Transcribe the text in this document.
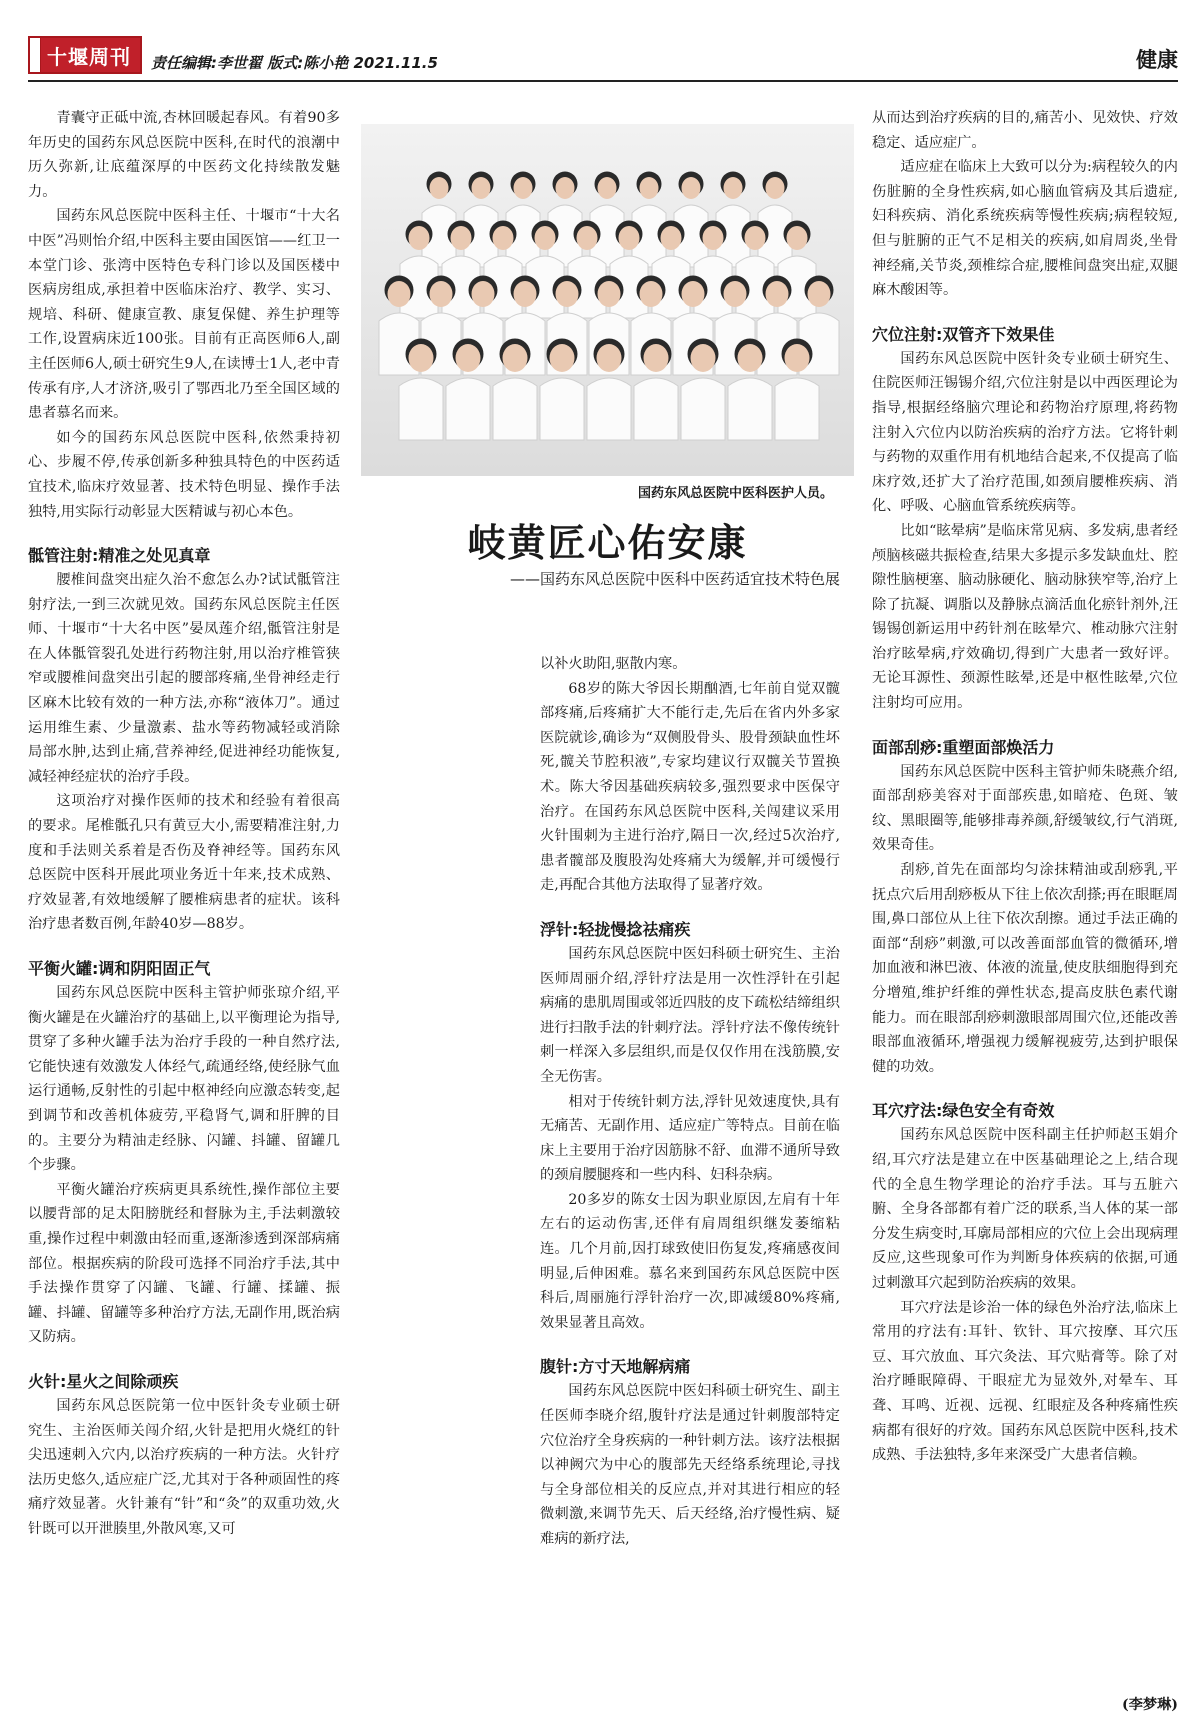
十堰周刊 责任编辑:李世翟 版式:陈小艳 2021.11.5	健康

青囊守正砥中流,杏林回暖起春风。有着90多年历史的国药东风总医院中医科,在时代的浪潮中历久弥新,让底蕴深厚的中医药文化持续散发魅力。

国药东风总医院中医科主任、十堰市“十大名中医”冯则怡介绍,中医科主要由国医馆——红卫一本堂门诊、张湾中医特色专科门诊以及国医楼中医病房组成,承担着中医临床治疗、教学、实习、规培、科研、健康宣教、康复保健、养生护理等工作,设置病床近100张。目前有正高医师6人,副主任医师6人,硕士研究生9人,在读博士1人,老中青传承有序,人才济济,吸引了鄂西北乃至全国区域的患者慕名而来。

如今的国药东风总医院中医科,依然秉持初心、步履不停,传承创新多种独具特色的中医药适宜技术,临床疗效显著、技术特色明显、操作手法独特,用实际行动彰显大医精诚与初心本色。

骶管注射:精准之处见真章

腰椎间盘突出症久治不愈怎么办?试试骶管注射疗法,一到三次就见效。国药东风总医院主任医师、十堰市“十大名中医”晏凤莲介绍,骶管注射是在人体骶管裂孔处进行药物注射,用以治疗椎管狭窄或腰椎间盘突出引起的腰部疼痛,坐骨神经走行区麻木比较有效的一种方法,亦称“液体刀”。通过运用维生素、少量激素、盐水等药物减轻或消除局部水肿,达到止痛,营养神经,促进神经功能恢复,减轻神经症状的治疗手段。

这项治疗对操作医师的技术和经验有着很高的要求。尾椎骶孔只有黄豆大小,需要精准注射,力度和手法则关系着是否伤及脊神经等。国药东风总医院中医科开展此项业务近十年来,技术成熟、疗效显著,有效地缓解了腰椎病患者的症状。该科治疗患者数百例,年龄40岁—88岁。

平衡火罐:调和阴阳固正气

国药东风总医院中医科主管护师张琼介绍,平衡火罐是在火罐治疗的基础上,以平衡理论为指导,贯穿了多种火罐手法为治疗手段的一种自然疗法,它能快速有效激发人体经气,疏通经络,使经脉气血运行通畅,反射性的引起中枢神经向应激态转变,起到调节和改善机体疲劳,平稳肾气,调和肝脾的目的。主要分为精油走经脉、闪罐、抖罐、留罐几个步骤。

平衡火罐治疗疾病更具系统性,操作部位主要以腰背部的足太阳膀胱经和督脉为主,手法刺激较重,操作过程中刺激由轻而重,逐渐渗透到深部病痛部位。根据疾病的阶段可选择不同治疗手法,其中手法操作贯穿了闪罐、飞罐、行罐、揉罐、振罐、抖罐、留罐等多种治疗方法,无副作用,既治病又防病。

火针:星火之间除顽疾

国药东风总医院第一位中医针灸专业硕士研究生、主治医师关闯介绍,火针是把用火烧红的针尖迅速刺入穴内,以治疗疾病的一种方法。火针疗法历史悠久,适应症广泛,尤其对于各种顽固性的疼痛疗效显著。火针兼有“针”和“灸”的双重功效,火针既可以开泄腠里,外散风寒,又可

国药东风总医院中医科医护人员。
岐黄匠心佑安康
——国药东风总医院中医科中医药适宜技术特色展

以补火助阳,驱散内寒。

68岁的陈大爷因长期酗酒,七年前自觉双髋部疼痛,后疼痛扩大不能行走,先后在省内外多家医院就诊,确诊为“双侧股骨头、股骨颈缺血性坏死,髋关节腔积液”,专家均建议行双髋关节置换术。陈大爷因基础疾病较多,强烈要求中医保守治疗。在国药东风总医院中医科,关闯建议采用火针围刺为主进行治疗,隔日一次,经过5次治疗,患者髋部及腹股沟处疼痛大为缓解,并可缓慢行走,再配合其他方法取得了显著疗效。

浮针:轻拢慢捻祛痛疾

国药东风总医院中医妇科硕士研究生、主治医师周丽介绍,浮针疗法是用一次性浮针在引起病痛的患肌周围或邻近四肢的皮下疏松结缔组织进行扫散手法的针刺疗法。浮针疗法不像传统针刺一样深入多层组织,而是仅仅作用在浅筋膜,安全无伤害。

相对于传统针刺方法,浮针见效速度快,具有无痛苦、无副作用、适应症广等特点。目前在临床上主要用于治疗因筋脉不舒、血滞不通所导致的颈肩腰腿疼和一些内科、妇科杂病。

20多岁的陈女士因为职业原因,左肩有十年左右的运动伤害,还伴有肩周组织继发萎缩粘连。几个月前,因打球致使旧伤复发,疼痛感夜间明显,后伸困难。慕名来到国药东风总医院中医科后,周丽施行浮针治疗一次,即减缓80%疼痛,效果显著且高效。

腹针:方寸天地解病痛

国药东风总医院中医妇科硕士研究生、副主任医师李晓介绍,腹针疗法是通过针刺腹部特定穴位治疗全身疾病的一种针刺方法。该疗法根据以神阙穴为中心的腹部先天经络系统理论,寻找与全身部位相关的反应点,并对其进行相应的轻微刺激,来调节先天、后天经络,治疗慢性病、疑难病的新疗法,

从而达到治疗疾病的目的,痛苦小、见效快、疗效稳定、适应症广。

适应症在临床上大致可以分为:病程较久的内伤脏腑的全身性疾病,如心脑血管病及其后遗症,妇科疾病、消化系统疾病等慢性疾病;病程较短,但与脏腑的正气不足相关的疾病,如肩周炎,坐骨神经痛,关节炎,颈椎综合症,腰椎间盘突出症,双腿麻木酸困等。

穴位注射:双管齐下效果佳

国药东风总医院中医针灸专业硕士研究生、住院医师汪锡锡介绍,穴位注射是以中西医理论为指导,根据经络脑穴理论和药物治疗原理,将药物注射入穴位内以防治疾病的治疗方法。它将针刺与药物的双重作用有机地结合起来,不仅提高了临床疗效,还扩大了治疗范围,如颈肩腰椎疾病、消化、呼吸、心脑血管系统疾病等。

比如“眩晕病”是临床常见病、多发病,患者经颅脑核磁共振检查,结果大多提示多发缺血灶、腔隙性脑梗塞、脑动脉硬化、脑动脉狭窄等,治疗上除了抗凝、调脂以及静脉点滴活血化瘀针剂外,汪锡锡创新运用中药针剂在眩晕穴、椎动脉穴注射治疗眩晕病,疗效确切,得到广大患者一致好评。无论耳源性、颈源性眩晕,还是中枢性眩晕,穴位注射均可应用。

面部刮痧:重塑面部焕活力

国药东风总医院中医科主管护师朱晓燕介绍,面部刮痧美容对于面部疾患,如暗疮、色斑、皱纹、黑眼圈等,能够排毒养颜,舒缓皱纹,行气消斑,效果奇佳。

刮痧,首先在面部均匀涂抹精油或刮痧乳,平抚点穴后用刮痧板从下往上依次刮搽;再在眼眶周围,鼻口部位从上往下依次刮擦。通过手法正确的面部“刮痧”刺激,可以改善面部血管的微循环,增加血液和淋巴液、体液的流量,使皮肤细胞得到充分增殖,维护纤维的弹性状态,提高皮肤色素代谢能力。而在眼部刮痧刺激眼部周围穴位,还能改善眼部血液循环,增强视力缓解视疲劳,达到护眼保健的功效。

耳穴疗法:绿色安全有奇效

国药东风总医院中医科副主任护师赵玉娟介绍,耳穴疗法是建立在中医基础理论之上,结合现代的全息生物学理论的治疗手法。耳与五脏六腑、全身各部都有着广泛的联系,当人体的某一部分发生病变时,耳廓局部相应的穴位上会出现病理反应,这些现象可作为判断身体疾病的依据,可通过刺激耳穴起到防治疾病的效果。

耳穴疗法是诊治一体的绿色外治疗法,临床上常用的疗法有:耳针、钦针、耳穴按摩、耳穴压豆、耳穴放血、耳穴灸法、耳穴贴膏等。除了对治疗睡眠障碍、干眼症尤为显效外,对晕车、耳聋、耳鸣、近视、远视、红眼症及各种疼痛性疾病都有很好的疗效。国药东风总医院中医科,技术成熟、手法独特,多年来深受广大患者信赖。

(李梦琳)
